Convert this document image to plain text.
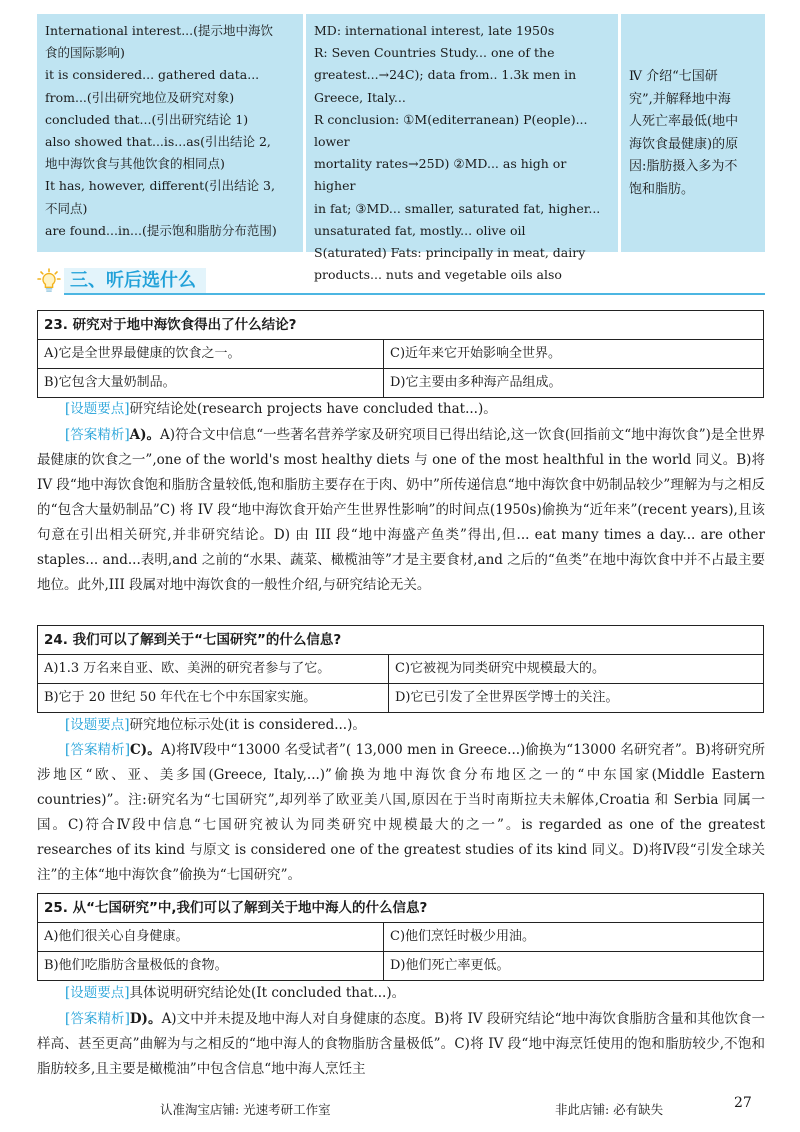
International interest...(提示地中海饮
食的国际影响)
it is considered... gathered data...
from...(引出研究地位及研究对象)
concluded that...(引出研究结论 1)
also showed that...is...as(引出结论 2,
地中海饮食与其他饮食的相同点)
It has, however, different(引出结论 3,
不同点)
are found...in...(提示饱和脂肪分布范围)
MD: international interest, late 1950s
R: Seven Countries Study... one of the
greatest...→24C); data from.. 1.3k men in
Greece, Italy...
R conclusion: ①M(editerranean) P(eople)... lower
mortality rates→25D) ②MD... as high or higher
in fat; ③MD... smaller, saturated fat, higher...
unsaturated fat, mostly... olive oil
S(aturated) Fats: principally in meat, dairy
products... nuts and vegetable oils also
Ⅳ 介绍“七国研
究”,并解释地中海
人死亡率最低(地中
海饮食最健康)的原
因:脂肪摄入多为不
饱和脂肪。
三、听后选什么
23. 研究对于地中海饮食得出了什么结论?
A)它是全世界最健康的饮食之一。	C)近年来它开始影响全世界。
B)它包含大量奶制品。	D)它主要由多种海产品组成。
[设题要点]研究结论处(research projects have concluded that...)。
[答案精析]A)。A)符合文中信息“一些著名营养学家及研究项目已得出结论,这一饮食(回指前文“地中海饮食”)是全世界最健康的饮食之一”,one of the world's most healthy diets 与 one of the most healthful in the world 同义。B)将 IV 段“地中海饮食饱和脂肪含量较低,饱和脂肪主要存在于肉、奶中”所传递信息“地中海饮食中奶制品较少”理解为与之相反的“包含大量奶制品”C) 将 IV 段“地中海饮食开始产生世界性影响”的时间点(1950s)偷换为“近年来”(recent years),且该句意在引出相关研究,并非研究结论。D) 由 III 段“地中海盛产鱼类”得出,但... eat many times a day... are other staples... and...表明,and 之前的“水果、蔬菜、橄榄油等”才是主要食材,and 之后的“鱼类”在地中海饮食中并不占最主要地位。此外,III 段属对地中海饮食的一般性介绍,与研究结论无关。
24. 我们可以了解到关于“七国研究”的什么信息?
A)1.3 万名来自亚、欧、美洲的研究者参与了它。	C)它被视为同类研究中规模最大的。
B)它于 20 世纪 50 年代在七个中东国家实施。	D)它已引发了全世界医学博士的关注。
[设题要点]研究地位标示处(it is considered...)。
[答案精析]C)。A)将Ⅳ段中“13000 名受试者”( 13,000 men in Greece...)偷换为“13000 名研究者”。B)将研究所涉地区“欧、亚、美多国(Greece, Italy,...)”偷换为地中海饮食分布地区之一的“中东国家(Middle Eastern countries)”。注:研究名为“七国研究”,却列举了欧亚美八国,原因在于当时南斯拉夫未解体,Croatia 和 Serbia 同属一国。C)符合Ⅳ段中信息“七国研究被认为同类研究中规模最大的之一”。is regarded as one of the greatest researches of its kind 与原文 is considered one of the greatest studies of its kind 同义。D)将Ⅳ段“引发全球关注”的主体“地中海饮食”偷换为“七国研究”。
25. 从“七国研究”中,我们可以了解到关于地中海人的什么信息?
A)他们很关心自身健康。	C)他们烹饪时极少用油。
B)他们吃脂肪含量极低的食物。	D)他们死亡率更低。
[设题要点]具体说明研究结论处(It concluded that...)。
[答案精析]D)。A)文中并未提及地中海人对自身健康的态度。B)将 IV 段研究结论“地中海饮食脂肪含量和其他饮食一样高、甚至更高”曲解为与之相反的“地中海人的食物脂肪含量极低”。C)将 IV 段“地中海烹饪使用的饱和脂肪较少,不饱和脂肪较多,且主要是橄榄油”中包含信息“地中海人烹饪主
认准淘宝店铺: 光速考研工作室	非此店铺: 必有缺失	27
